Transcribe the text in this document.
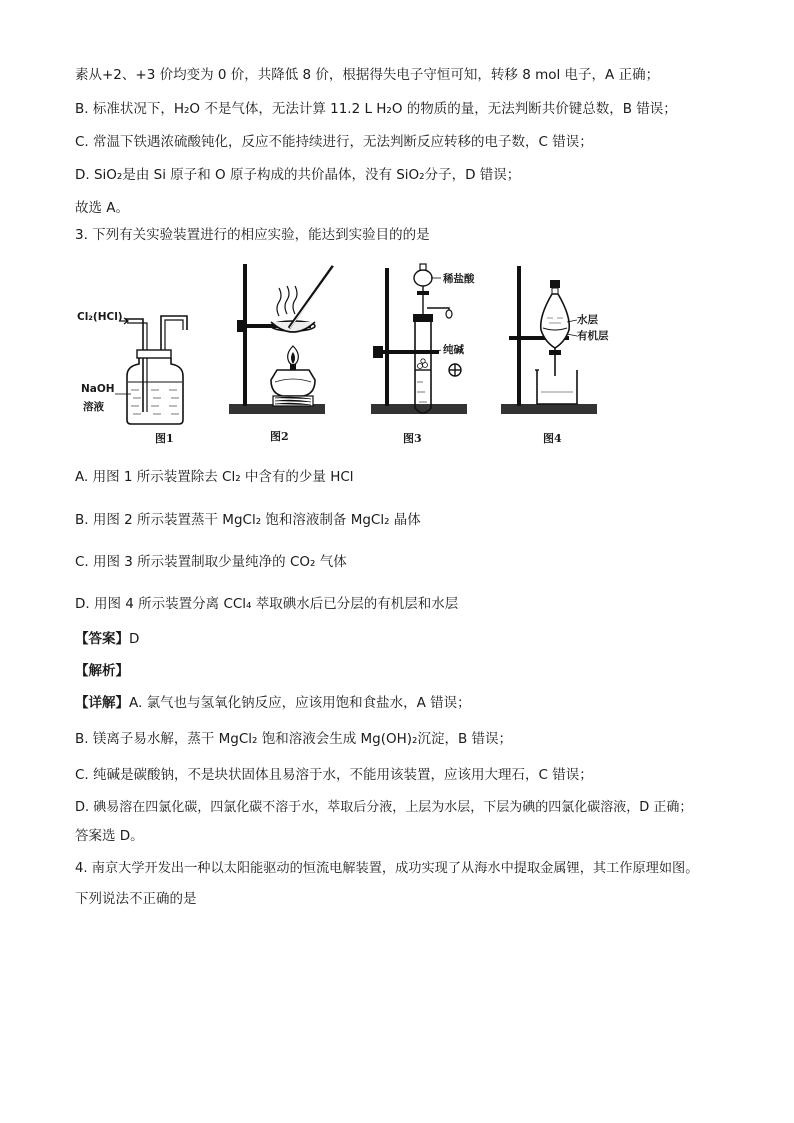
素从+2、+3 价均变为 0 价，共降低 8 价，根据得失电子守恒可知，转移 8 mol 电子，A 正确；
B. 标准状况下，H₂O 不是气体，无法计算 11.2 L H₂O 的物质的量，无法判断共价键总数，B 错误；
C. 常温下铁遇浓硫酸钝化，反应不能持续进行，无法判断反应转移的电子数，C 错误；
D. SiO₂是由 Si 原子和 O 原子构成的共价晶体，没有 SiO₂分子，D 错误；
故选 A。
3. 下列有关实验装置进行的相应实验，能达到实验目的的是
Cl₂(HCl)
NaOH
溶液
图1	图2
稀盐酸
纯碱
图3
水层
有机层
图4
A. 用图 1 所示装置除去 Cl₂ 中含有的少量 HCl
B. 用图 2 所示装置蒸干 MgCl₂ 饱和溶液制备 MgCl₂ 晶体
C. 用图 3 所示装置制取少量纯净的 CO₂ 气体
D. 用图 4 所示装置分离 CCl₄ 萃取碘水后已分层的有机层和水层
【答案】D
【解析】
【详解】A. 氯气也与氢氧化钠反应，应该用饱和食盐水，A 错误；
B. 镁离子易水解，蒸干 MgCl₂ 饱和溶液会生成 Mg(OH)₂沉淀，B 错误；
C. 纯碱是碳酸钠，不是块状固体且易溶于水，不能用该装置，应该用大理石，C 错误；
D. 碘易溶在四氯化碳，四氯化碳不溶于水，萃取后分液，上层为水层，下层为碘的四氯化碳溶液，D 正确；
答案选 D。
4. 南京大学开发出一种以太阳能驱动的恒流电解装置，成功实现了从海水中提取金属锂，其工作原理如图。
下列说法不正确的是
